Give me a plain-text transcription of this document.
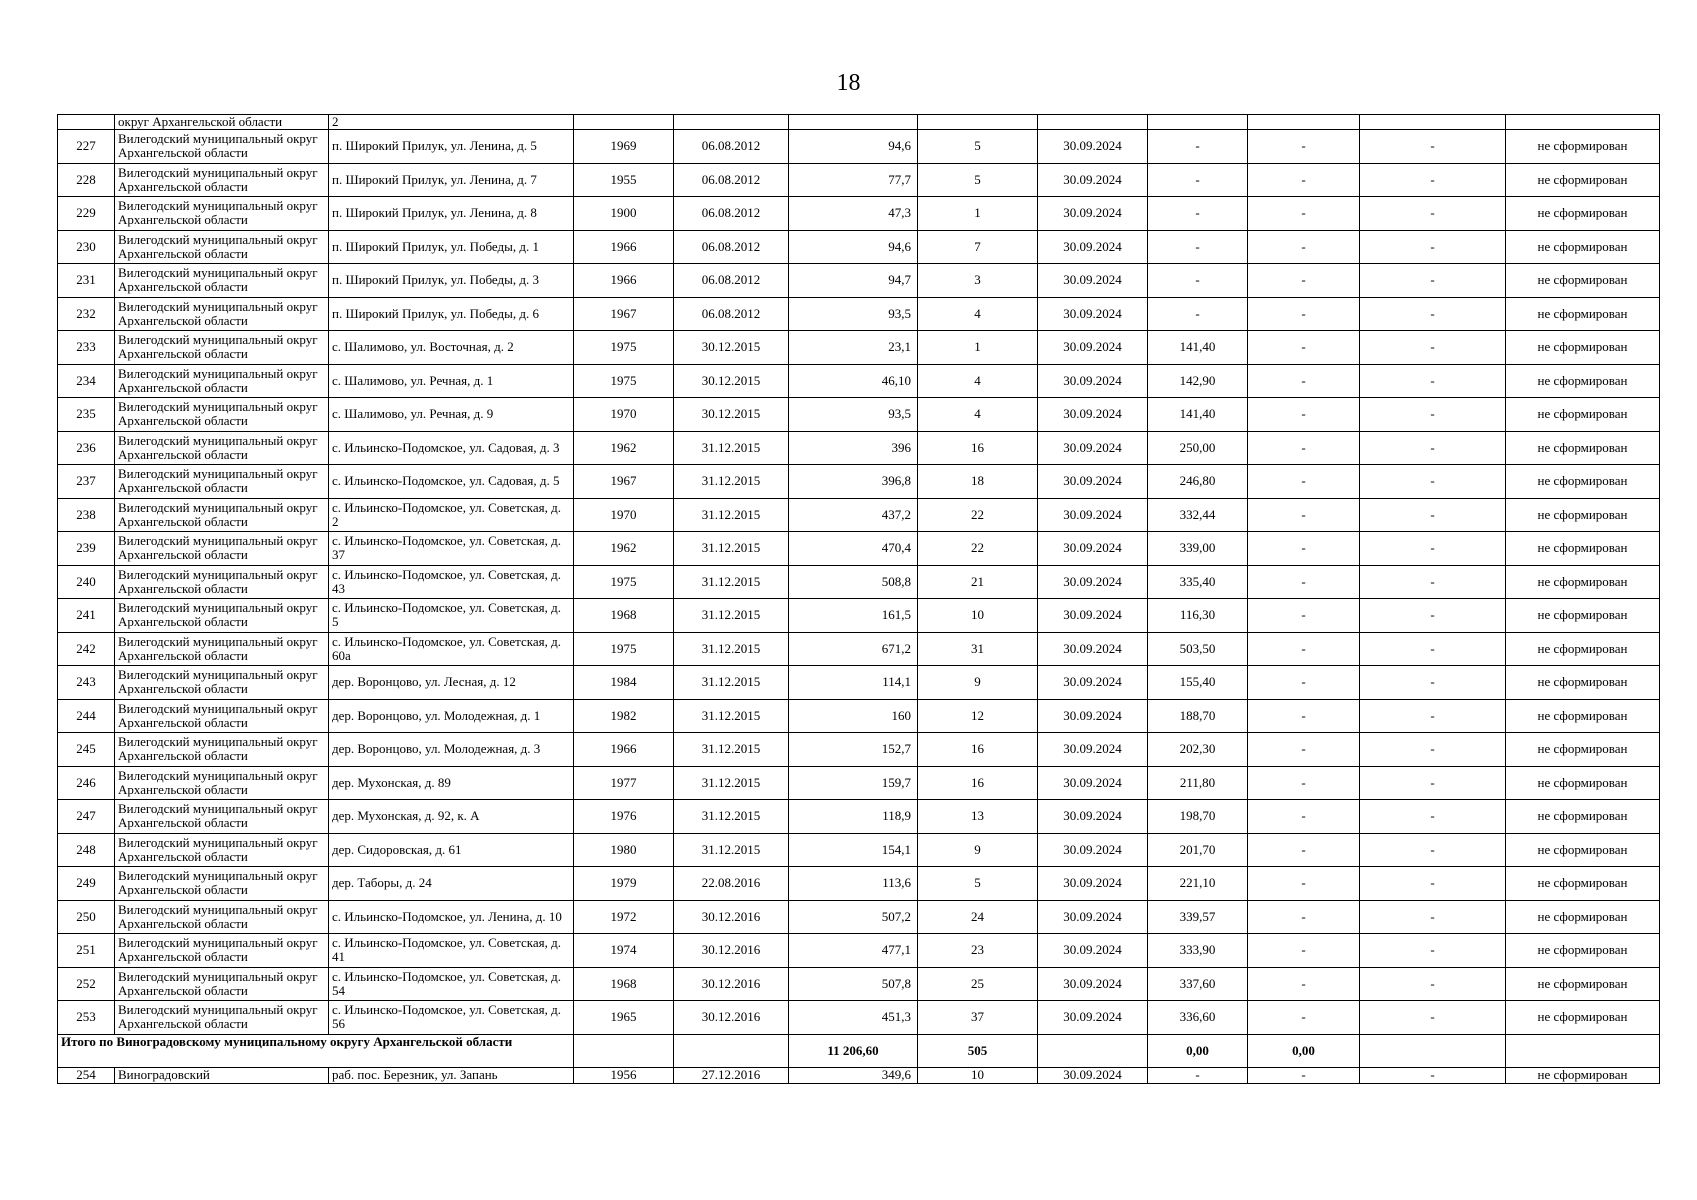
18
	округ Архангельской области	2									
227	Вилегодский муниципальный округ Архангельской области	п. Широкий Прилук, ул. Ленина, д. 5	1969	06.08.2012	94,6	5	30.09.2024	-	-	-	не сформирован
228	Вилегодский муниципальный округ Архангельской области	п. Широкий Прилук, ул. Ленина, д. 7	1955	06.08.2012	77,7	5	30.09.2024	-	-	-	не сформирован
229	Вилегодский муниципальный округ Архангельской области	п. Широкий Прилук, ул. Ленина, д. 8	1900	06.08.2012	47,3	1	30.09.2024	-	-	-	не сформирован
230	Вилегодский муниципальный округ Архангельской области	п. Широкий Прилук, ул. Победы, д. 1	1966	06.08.2012	94,6	7	30.09.2024	-	-	-	не сформирован
231	Вилегодский муниципальный округ Архангельской области	п. Широкий Прилук, ул. Победы, д. 3	1966	06.08.2012	94,7	3	30.09.2024	-	-	-	не сформирован
232	Вилегодский муниципальный округ Архангельской области	п. Широкий Прилук, ул. Победы, д. 6	1967	06.08.2012	93,5	4	30.09.2024	-	-	-	не сформирован
233	Вилегодский муниципальный округ Архангельской области	с. Шалимово, ул. Восточная, д. 2	1975	30.12.2015	23,1	1	30.09.2024	141,40	-	-	не сформирован
234	Вилегодский муниципальный округ Архангельской области	с. Шалимово, ул. Речная, д. 1	1975	30.12.2015	46,10	4	30.09.2024	142,90	-	-	не сформирован
235	Вилегодский муниципальный округ Архангельской области	с. Шалимово, ул. Речная, д. 9	1970	30.12.2015	93,5	4	30.09.2024	141,40	-	-	не сформирован
236	Вилегодский муниципальный округ Архангельской области	с. Ильинско-Подомское, ул. Садовая, д. 3	1962	31.12.2015	396	16	30.09.2024	250,00	-	-	не сформирован
237	Вилегодский муниципальный округ Архангельской области	с. Ильинско-Подомское, ул. Садовая, д. 5	1967	31.12.2015	396,8	18	30.09.2024	246,80	-	-	не сформирован
238	Вилегодский муниципальный округ Архангельской области	с. Ильинско-Подомское, ул. Советская, д. 2	1970	31.12.2015	437,2	22	30.09.2024	332,44	-	-	не сформирован
239	Вилегодский муниципальный округ Архангельской области	с. Ильинско-Подомское, ул. Советская, д. 37	1962	31.12.2015	470,4	22	30.09.2024	339,00	-	-	не сформирован
240	Вилегодский муниципальный округ Архангельской области	с. Ильинско-Подомское, ул. Советская, д. 43	1975	31.12.2015	508,8	21	30.09.2024	335,40	-	-	не сформирован
241	Вилегодский муниципальный округ Архангельской области	с. Ильинско-Подомское, ул. Советская, д. 5	1968	31.12.2015	161,5	10	30.09.2024	116,30	-	-	не сформирован
242	Вилегодский муниципальный округ Архангельской области	с. Ильинско-Подомское, ул. Советская, д. 60а	1975	31.12.2015	671,2	31	30.09.2024	503,50	-	-	не сформирован
243	Вилегодский муниципальный округ Архангельской области	дер. Воронцово, ул. Лесная, д. 12	1984	31.12.2015	114,1	9	30.09.2024	155,40	-	-	не сформирован
244	Вилегодский муниципальный округ Архангельской области	дер. Воронцово, ул. Молодежная, д. 1	1982	31.12.2015	160	12	30.09.2024	188,70	-	-	не сформирован
245	Вилегодский муниципальный округ Архангельской области	дер. Воронцово, ул. Молодежная, д. 3	1966	31.12.2015	152,7	16	30.09.2024	202,30	-	-	не сформирован
246	Вилегодский муниципальный округ Архангельской области	дер. Мухонская, д. 89	1977	31.12.2015	159,7	16	30.09.2024	211,80	-	-	не сформирован
247	Вилегодский муниципальный округ Архангельской области	дер. Мухонская, д. 92, к. А	1976	31.12.2015	118,9	13	30.09.2024	198,70	-	-	не сформирован
248	Вилегодский муниципальный округ Архангельской области	дер. Сидоровская, д. 61	1980	31.12.2015	154,1	9	30.09.2024	201,70	-	-	не сформирован
249	Вилегодский муниципальный округ Архангельской области	дер. Таборы, д. 24	1979	22.08.2016	113,6	5	30.09.2024	221,10	-	-	не сформирован
250	Вилегодский муниципальный округ Архангельской области	с. Ильинско-Подомское, ул. Ленина, д. 10	1972	30.12.2016	507,2	24	30.09.2024	339,57	-	-	не сформирован
251	Вилегодский муниципальный округ Архангельской области	с. Ильинско-Подомское, ул. Советская, д. 41	1974	30.12.2016	477,1	23	30.09.2024	333,90	-	-	не сформирован
252	Вилегодский муниципальный округ Архангельской области	с. Ильинско-Подомское, ул. Советская, д. 54	1968	30.12.2016	507,8	25	30.09.2024	337,60	-	-	не сформирован
253	Вилегодский муниципальный округ Архангельской области	с. Ильинско-Подомское, ул. Советская, д. 56	1965	30.12.2016	451,3	37	30.09.2024	336,60	-	-	не сформирован
Итого по Виноградовскому муниципальному округу Архангельской области					11 206,60	505		0,00	0,00		
254	Виноградовский	раб. пос. Березник, ул. Запань	1956	27.12.2016	349,6	10	30.09.2024	-	-	-	не сформирован
